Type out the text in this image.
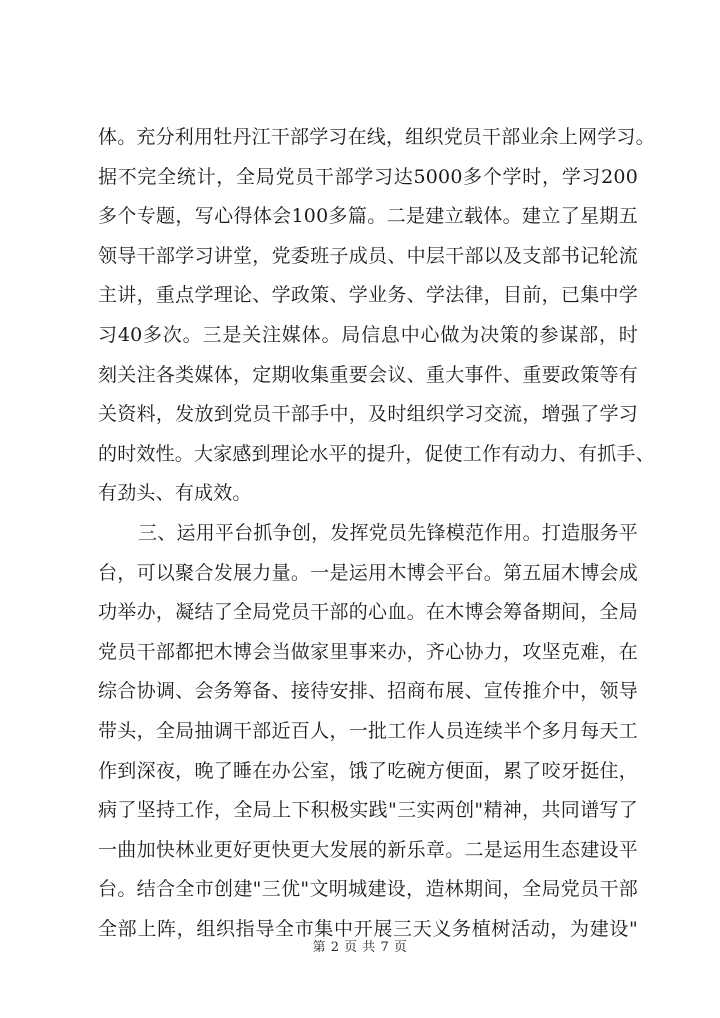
体。充分利用牡丹江干部学习在线，组织党员干部业余上网学习。
据不完全统计，全局党员干部学习达5000多个学时，学习200
多个专题，写心得体会100多篇。二是建立载体。建立了星期五
领导干部学习讲堂，党委班子成员、中层干部以及支部书记轮流
主讲，重点学理论、学政策、学业务、学法律，目前，已集中学
习40多次。三是关注媒体。局信息中心做为决策的参谋部，时
刻关注各类媒体，定期收集重要会议、重大事件、重要政策等有
关资料，发放到党员干部手中，及时组织学习交流，增强了学习
的时效性。大家感到理论水平的提升，促使工作有动力、有抓手、
有劲头、有成效。
三、运用平台抓争创，发挥党员先锋模范作用。打造服务平
台，可以聚合发展力量。一是运用木博会平台。第五届木博会成
功举办，凝结了全局党员干部的心血。在木博会筹备期间，全局
党员干部都把木博会当做家里事来办，齐心协力，攻坚克难，在
综合协调、会务筹备、接待安排、招商布展、宣传推介中，领导
带头，全局抽调干部近百人，一批工作人员连续半个多月每天工
作到深夜，晚了睡在办公室，饿了吃碗方便面，累了咬牙挺住，
病了坚持工作，全局上下积极实践"三实两创"精神，共同谱写了
一曲加快林业更好更快更大发展的新乐章。二是运用生态建设平
台。结合全市创建"三优"文明城建设，造林期间，全局党员干部
全部上阵，组织指导全市集中开展三天义务植树活动，为建设"
第 2 页 共 7 页
